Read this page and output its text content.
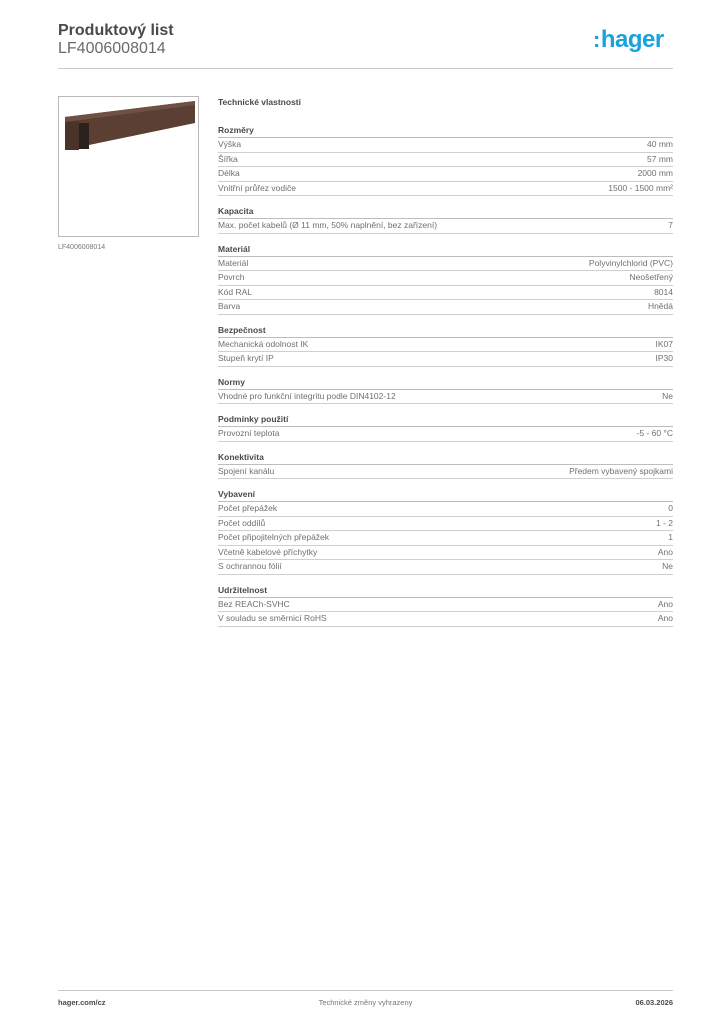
Produktový list
LF4006008014	:hager
LF4006008014
Technické vlastnosti
Rozměry
Výška	40 mm
Šířka	57 mm
Délka	2000 mm
Vnitřní průřez vodiče	1500 - 1500 mm²
Kapacita
Max. počet kabelů (Ø 11 mm, 50% naplnění, bez zařízení)	7
Materiál
Materiál	Polyvinylchlorid (PVC)
Povrch	Neošetřený
Kód RAL	8014
Barva	Hnědá
Bezpečnost
Mechanická odolnost IK	IK07
Stupeň krytí IP	IP30
Normy
Vhodné pro funkční integritu podle DIN4102-12	Ne
Podmínky použití
Provozní teplota	-5 - 60 °C
Konektivita
Spojení kanálu	Předem vybavený spojkami
Vybavení
Počet přepážek	0
Počet oddílů	1 - 2
Počet připojitelných přepážek	1
Včetně kabelové příchytky	Ano
S ochrannou fólií	Ne
Udržitelnost
Bez REACh-SVHC	Ano
V souladu se směrnicí RoHS	Ano
hager.com/cz	Technické změny vyhrazeny	06.03.2026
